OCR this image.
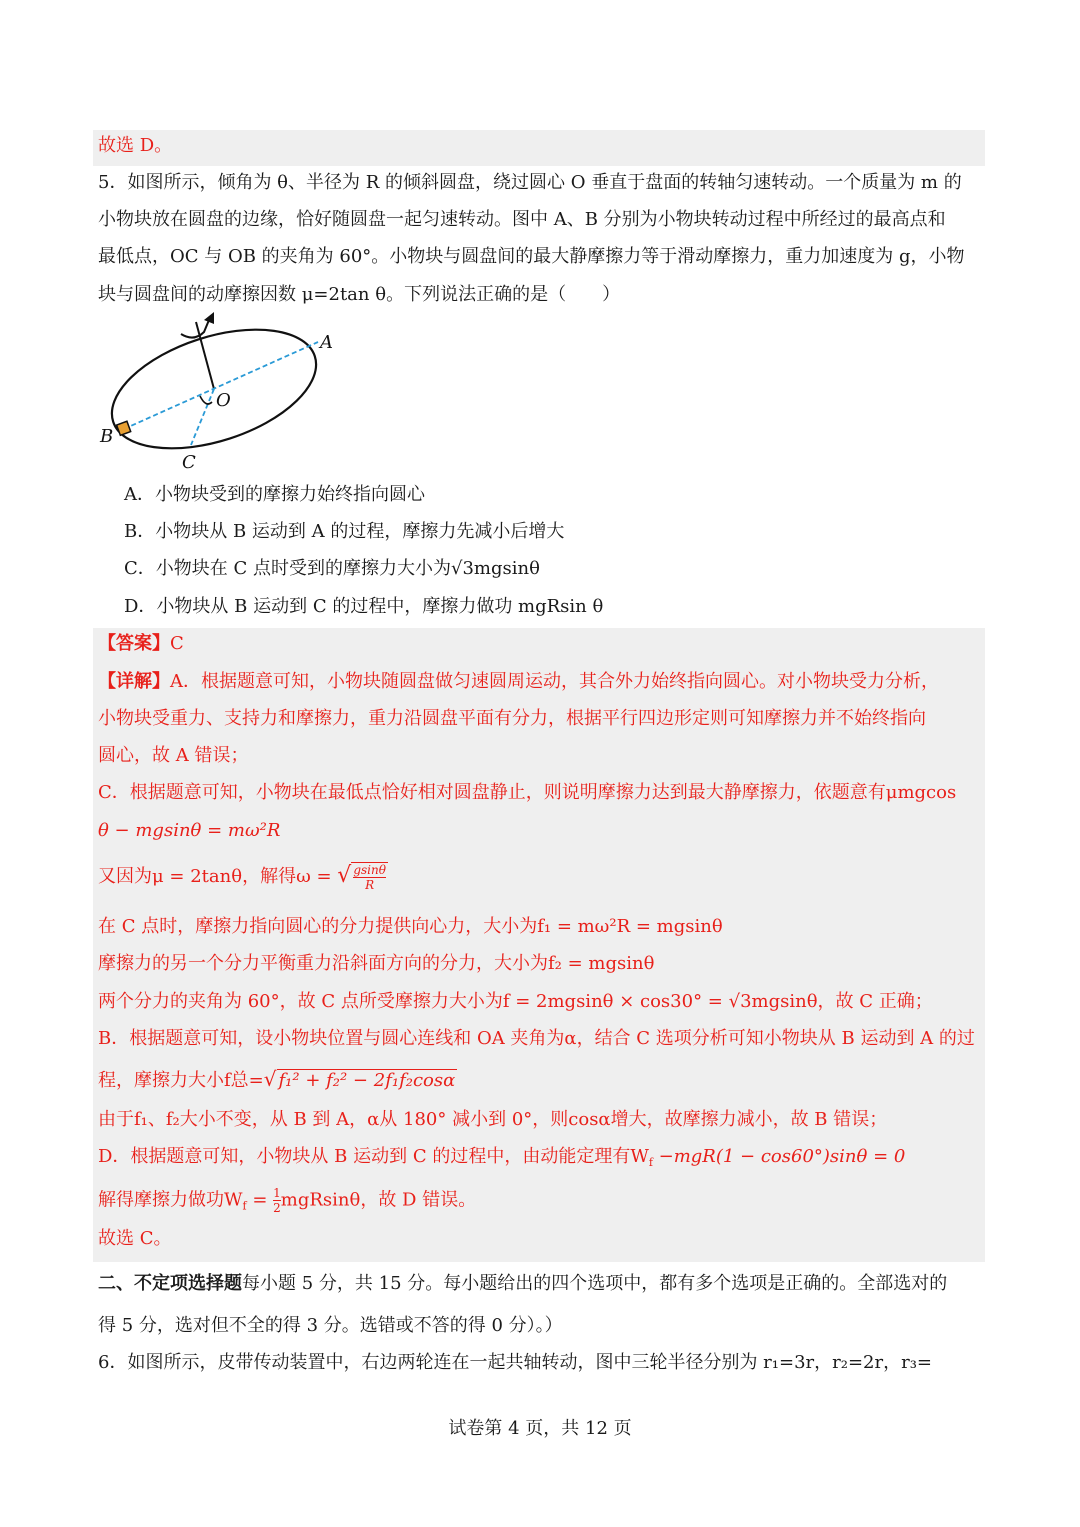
故选 D。
5．如图所示，倾角为 θ、半径为 R 的倾斜圆盘，绕过圆心 O 垂直于盘面的转轴匀速转动。一个质量为 m 的
小物块放在圆盘的边缘，恰好随圆盘一起匀速转动。图中 A、B 分别为小物块转动过程中所经过的最高点和
最低点，OC 与 OB 的夹角为 60°。小物块与圆盘间的最大静摩擦力等于滑动摩擦力，重力加速度为 g，小物
块与圆盘间的动摩擦因数 μ=2tan θ。下列说法正确的是（　　）
A
O
B
C
A．小物块受到的摩擦力始终指向圆心
B．小物块从 B 运动到 A 的过程，摩擦力先减小后增大
C．小物块在 C 点时受到的摩擦力大小为√3mgsinθ
D．小物块从 B 运动到 C 的过程中，摩擦力做功 mgRsin θ
【答案】C
【详解】A．根据题意可知，小物块随圆盘做匀速圆周运动，其合外力始终指向圆心。对小物块受力分析，
小物块受重力、支持力和摩擦力，重力沿圆盘平面有分力，根据平行四边形定则可知摩擦力并不始终指向
圆心，故 A 错误；
C．根据题意可知，小物块在最低点恰好相对圆盘静止，则说明摩擦力达到最大静摩擦力，依题意有μmgcos
θ − mgsinθ = mω²R
又因为μ = 2tanθ，解得ω = √ $\frac{gsin\theta}{R}$
在 C 点时，摩擦力指向圆心的分力提供向心力，大小为f₁ = mω²R = mgsinθ
摩擦力的另一个分力平衡重力沿斜面方向的分力，大小为f₂ = mgsinθ
两个分力的夹角为 60°，故 C 点所受摩擦力大小为f = 2mgsinθ × cos30° = √3mgsinθ，故 C 正确；
B．根据题意可知，设小物块位置与圆心连线和 OA 夹角为α，结合 C 选项分析可知小物块从 B 运动到 A 的过
程，摩擦力大小f总=√ f₁² + f₂² − 2f₁f₂cosα
由于f₁、f₂大小不变，从 B 到 A，α从 180° 减小到 0°，则cosα增大，故摩擦力减小，故 B 错误；
D．根据题意可知，小物块从 B 运动到 C 的过程中，由动能定理有$W_f -mgR(1 - \cos 60^\circ)\sin\theta = 0$
解得摩擦力做功$W_f = \frac{1}{2}$ mgRsinθ，故 D 错误。
故选 C。
二、不定项选择题每小题 5 分，共 15 分。每小题给出的四个选项中，都有多个选项是正确的。全部选对的
得 5 分，选对但不全的得 3 分。选错或不答的得 0 分）。）
6．如图所示，皮带传动装置中，右边两轮连在一起共轴转动，图中三轮半径分别为 r₁=3r，r₂=2r，r₃=
试卷第 4 页，共 12 页
